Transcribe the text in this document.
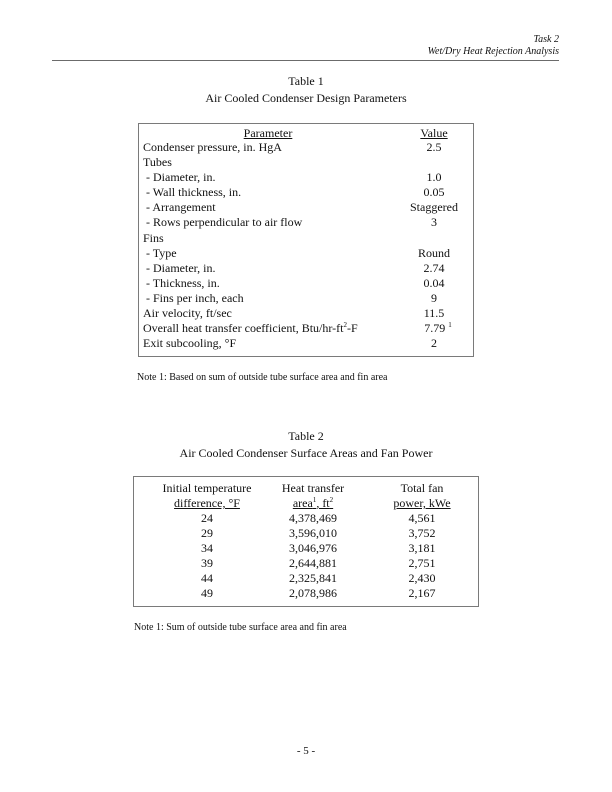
Task 2
Wet/Dry Heat Rejection Analysis
Table 1
Air Cooled Condenser Design Parameters
Parameter	Value
Condenser pressure, in. HgA	2.5
Tubes
- Diameter, in.	1.0
- Wall thickness, in.	0.05
- Arrangement	Staggered
- Rows perpendicular to air flow	3
Fins
- Type	Round
- Diameter, in.	2.74
- Thickness, in.	0.04
- Fins per inch, each	9
Air velocity, ft/sec	11.5
Overall heat transfer coefficient, Btu/$hr-ft^2-F$	7.79 $^1$
Exit subcooling, °F	2
Note 1: Based on sum of outside tube surface area and fin area
Table 2
Air Cooled Condenser Surface Areas and Fan Power
Initial temperature	Heat transfer	Total fan
difference, °F	area$^1$, $ft^2$	power, kWe
24	4,378,469	4,561
29	3,596,010	3,752
34	3,046,976	3,181
39	2,644,881	2,751
44	2,325,841	2,430
49	2,078,986	2,167
Note 1: Sum of outside tube surface area and fin area
- 5 -
